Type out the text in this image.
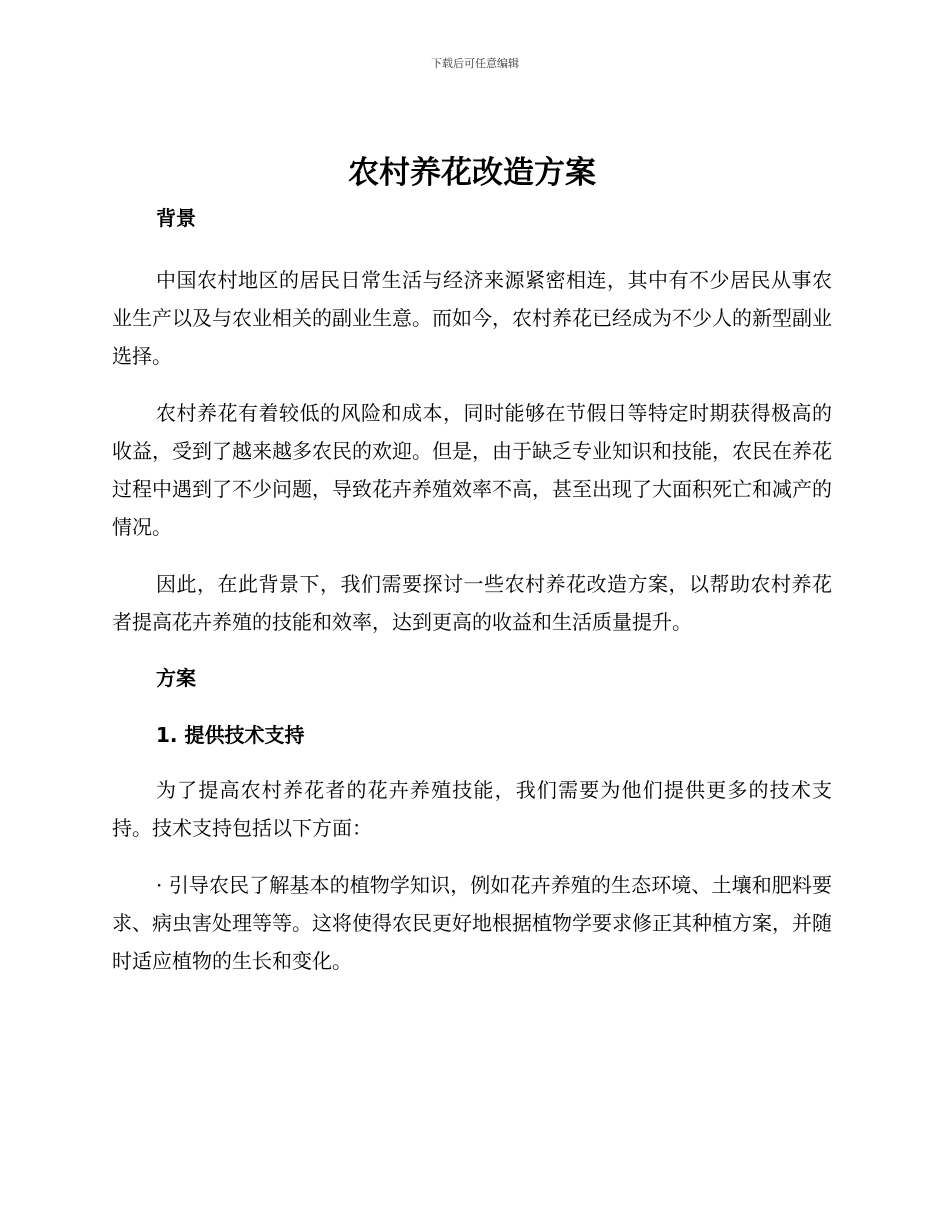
下载后可任意编辑
农村养花改造方案
背景

中国农村地区的居民日常生活与经济来源紧密相连，其中有不少居民从事农业生产以及与农业相关的副业生意。而如今，农村养花已经成为不少人的新型副业选择。

农村养花有着较低的风险和成本，同时能够在节假日等特定时期获得极高的收益，受到了越来越多农民的欢迎。但是，由于缺乏专业知识和技能，农民在养花过程中遇到了不少问题，导致花卉养殖效率不高，甚至出现了大面积死亡和减产的情况。

因此，在此背景下，我们需要探讨一些农村养花改造方案，以帮助农村养花者提高花卉养殖的技能和效率，达到更高的收益和生活质量提升。

方案
1. 提供技术支持

为了提高农村养花者的花卉养殖技能，我们需要为他们提供更多的技术支持。技术支持包括以下方面：

· 引导农民了解基本的植物学知识，例如花卉养殖的生态环境、土壤和肥料要求、病虫害处理等等。这将使得农民更好地根据植物学要求修正其种植方案，并随时适应植物的生长和变化。
